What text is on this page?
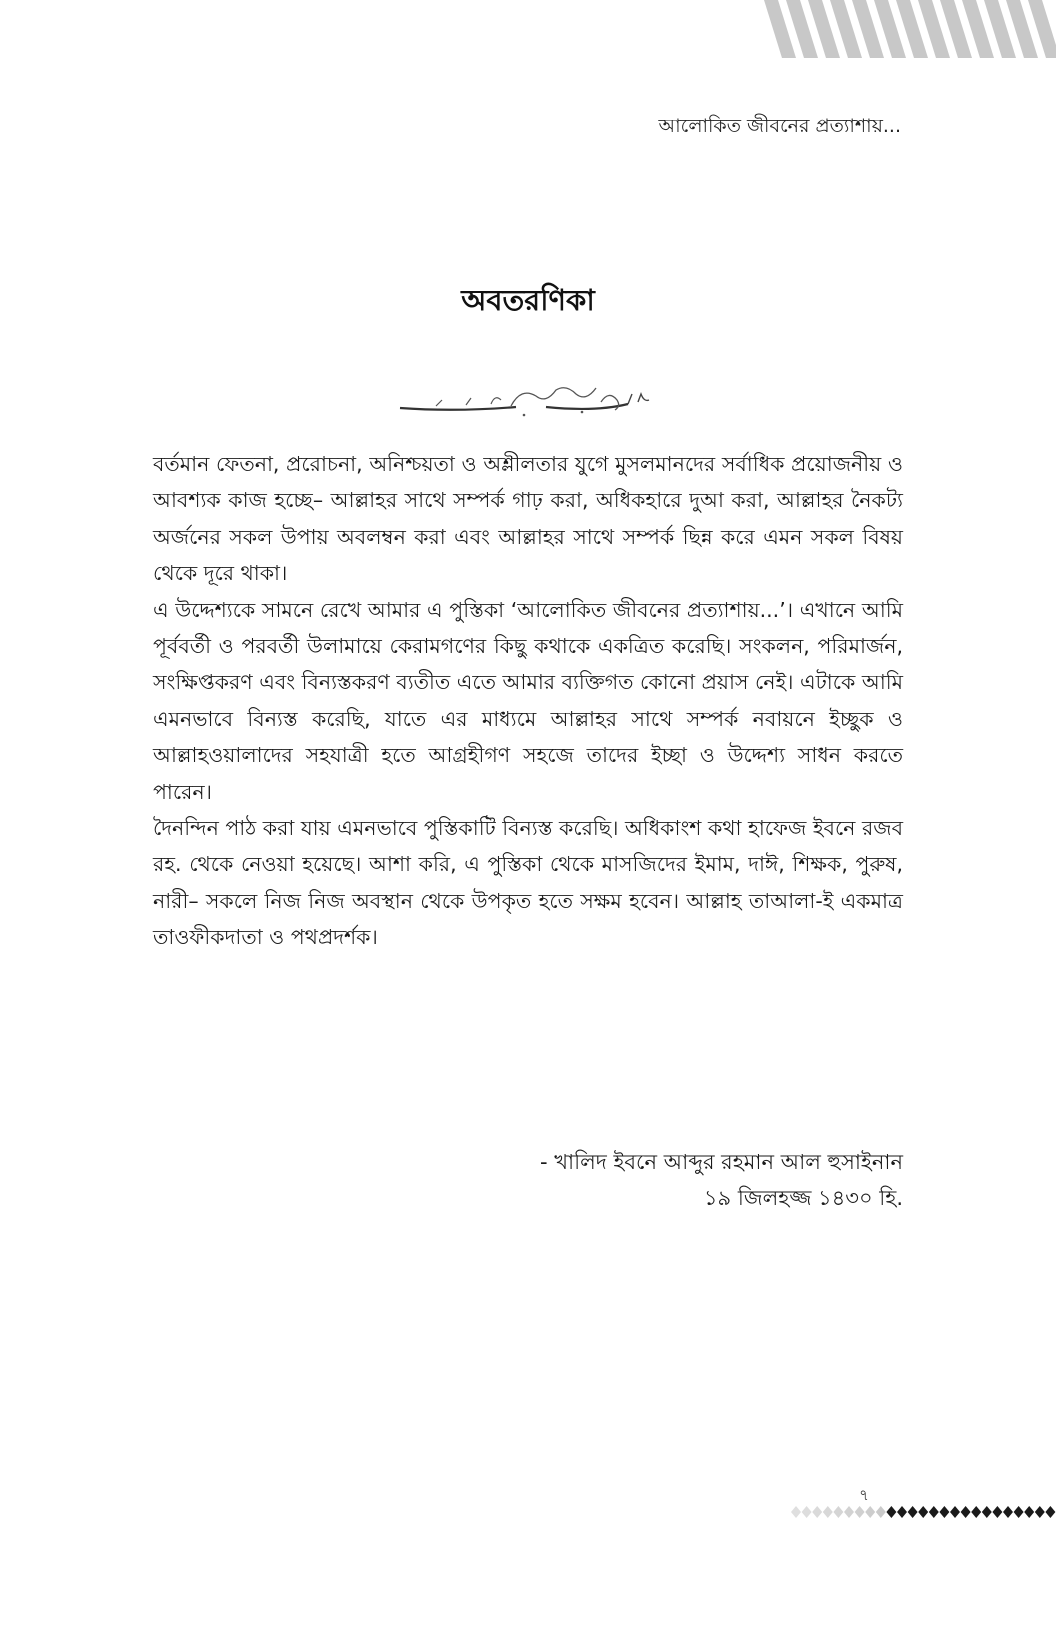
আলোকিত জীবনের প্রত্যাশায়...
অবতরণিকা

বর্তমান ফেতনা, প্ররোচনা, অনিশ্চয়তা ও অশ্লীলতার যুগে মুসলমানদের সর্বাধিক প্রয়োজনীয় ও আবশ্যক কাজ হচ্ছে– আল্লাহর সাথে সম্পর্ক গাঢ় করা, অধিকহারে দুআ করা, আল্লাহর নৈকট্য অর্জনের সকল উপায় অবলম্বন করা এবং আল্লাহর সাথে সম্পর্ক ছিন্ন করে এমন সকল বিষয় থেকে দূরে থাকা।

এ উদ্দেশ্যকে সামনে রেখে আমার এ পুস্তিকা ‘আলোকিত জীবনের প্রত্যাশায়...’। এখানে আমি পূর্ববর্তী ও পরবর্তী উলামায়ে কেরামগণের কিছু কথাকে একত্রিত করেছি। সংকলন, পরিমার্জন, সংক্ষিপ্তকরণ এবং বিন্যস্তকরণ ব্যতীত এতে আমার ব্যক্তিগত কোনো প্রয়াস নেই। এটাকে আমি এমনভাবে বিন্যস্ত করেছি, যাতে এর মাধ্যমে আল্লাহর সাথে সম্পর্ক নবায়নে ইচ্ছুক ও আল্লাহওয়ালাদের সহযাত্রী হতে আগ্রহীগণ সহজে তাদের ইচ্ছা ও উদ্দেশ্য সাধন করতে পারেন।

দৈনন্দিন পাঠ করা যায় এমনভাবে পুস্তিকাটি বিন্যস্ত করেছি। অধিকাংশ কথা হাফেজ ইবনে রজব রহ. থেকে নেওয়া হয়েছে। আশা করি, এ পুস্তিকা থেকে মাসজিদের ইমাম, দাঈ, শিক্ষক, পুরুষ, নারী– সকলে নিজ নিজ অবস্থান থেকে উপকৃত হতে সক্ষম হবেন। আল্লাহ তাআলা-ই একমাত্র তাওফীকদাতা ও পথপ্রদর্শক।

- খালিদ ইবনে আব্দুর রহমান আল হুসাইনান
১৯ জিলহজ্জ ১৪৩০ হি.
৭
